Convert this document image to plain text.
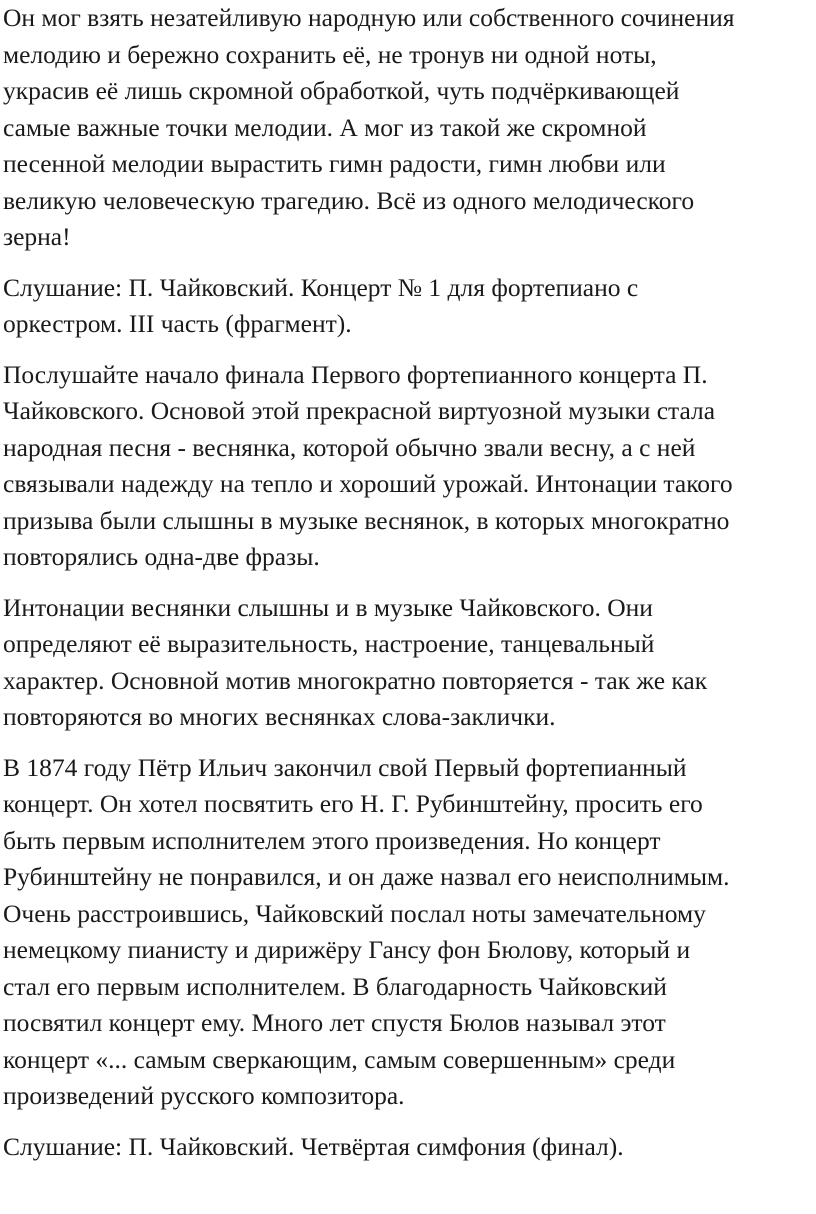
Он мог взять незатейливую народную или собственного сочинения
мелодию и бережно сохранить её, не тронув ни одной ноты,
украсив её лишь скромной обработкой, чуть подчёркивающей
самые важные точки мелодии. А мог из такой же скромной
песенной мелодии вырастить гимн радости, гимн любви или
великую человеческую трагедию. Всё из одного мелодического
зерна!

Слушание: П. Чайковский. Концерт № 1 для фортепиано с
оркестром. III часть (фрагмент).

Послушайте начало финала Первого фортепианного концерта П.
Чайковского. Основой этой прекрасной виртуозной музыки стала
народная песня - веснянка, которой обычно звали весну, а с ней
связывали надежду на тепло и хороший урожай. Интонации такого
призыва были слышны в музыке веснянок, в которых многократно
повторялись одна-две фразы.

Интонации веснянки слышны и в музыке Чайковского. Они
определяют её выразительность, настроение, танцевальный
характер. Основной мотив многократно повторяется - так же как
повторяются во многих веснянках слова-заклички.

В 1874 году Пётр Ильич закончил свой Первый фортепианный
концерт. Он хотел посвятить его Н. Г. Рубинштейну, просить его
быть первым исполнителем этого произведения. Но концерт
Рубинштейну не понравился, и он даже назвал его неисполнимым.
Очень расстроившись, Чайковский послал ноты замечательному
немецкому пианисту и дирижёру Гансу фон Бюлову, который и
стал его первым исполнителем. В благодарность Чайковский
посвятил концерт ему. Много лет спустя Бюлов называл этот
концерт «... самым сверкающим, самым совершенным» среди
произведений русского композитора.

Слушание: П. Чайковский. Четвёртая симфония (финал).
